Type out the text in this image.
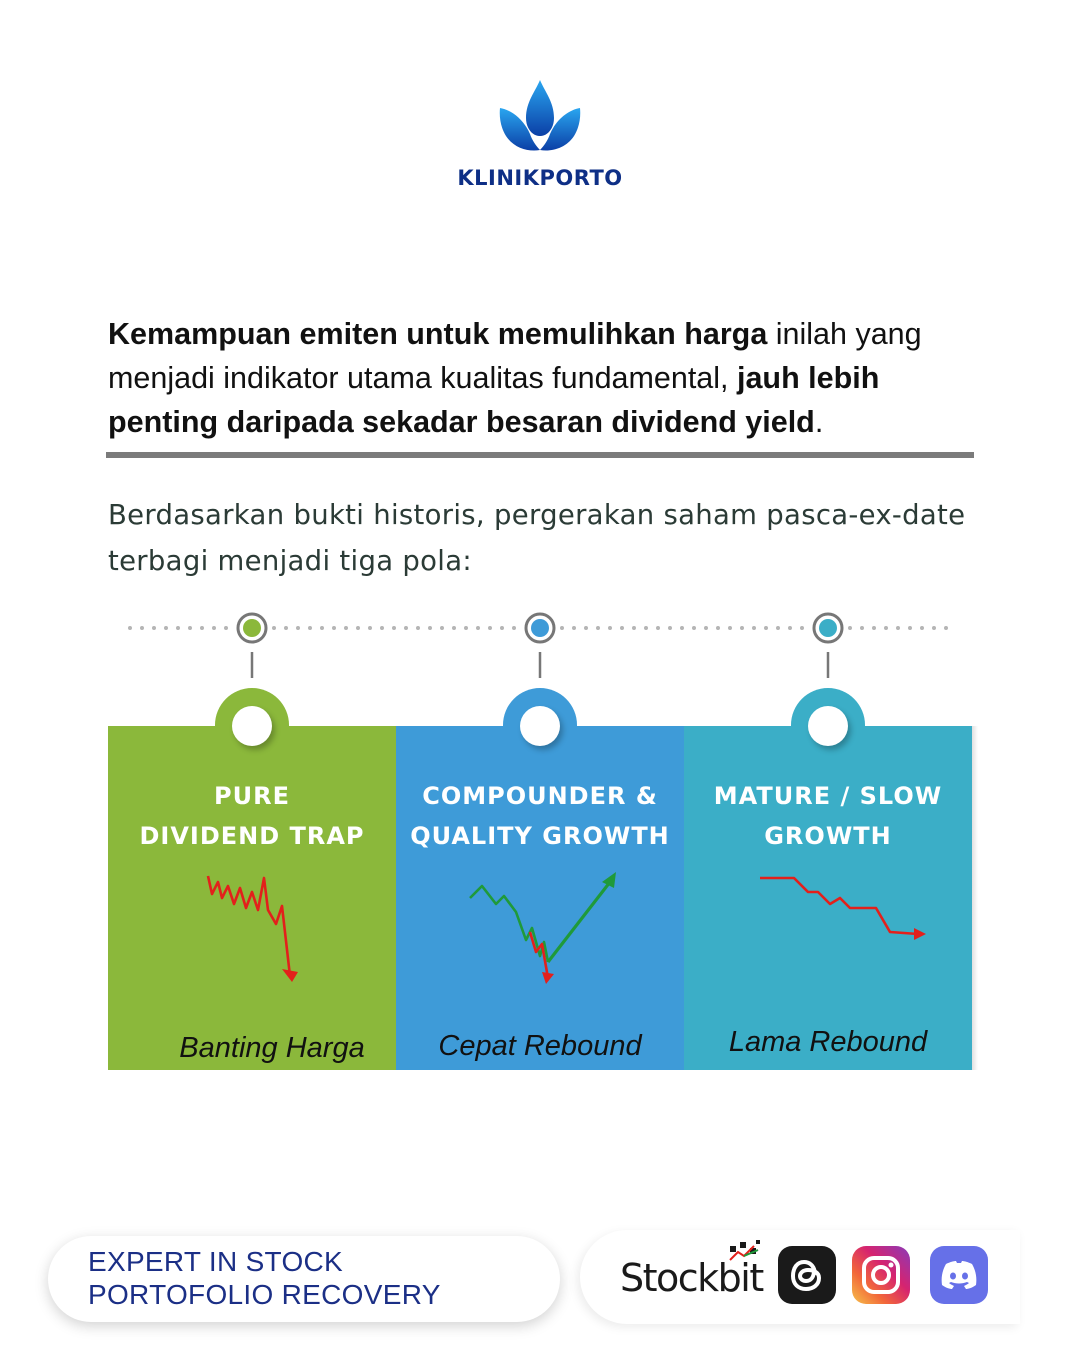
KLINIKPORTO
Kemampuan emiten untuk memulihkan harga inilah yang menjadi indikator utama kualitas fundamental, jauh lebih penting daripada sekadar besaran dividend yield.
Berdasarkan bukti historis, pergerakan saham pasca-ex-date terbagi menjadi tiga pola:
PURE
DIVIDEND TRAP
Banting Harga
COMPOUNDER &
QUALITY GROWTH
Cepat Rebound
MATURE / SLOW
GROWTH
Lama Rebound
EXPERT IN STOCK
PORTOFOLIO RECOVERY	Stockbit
